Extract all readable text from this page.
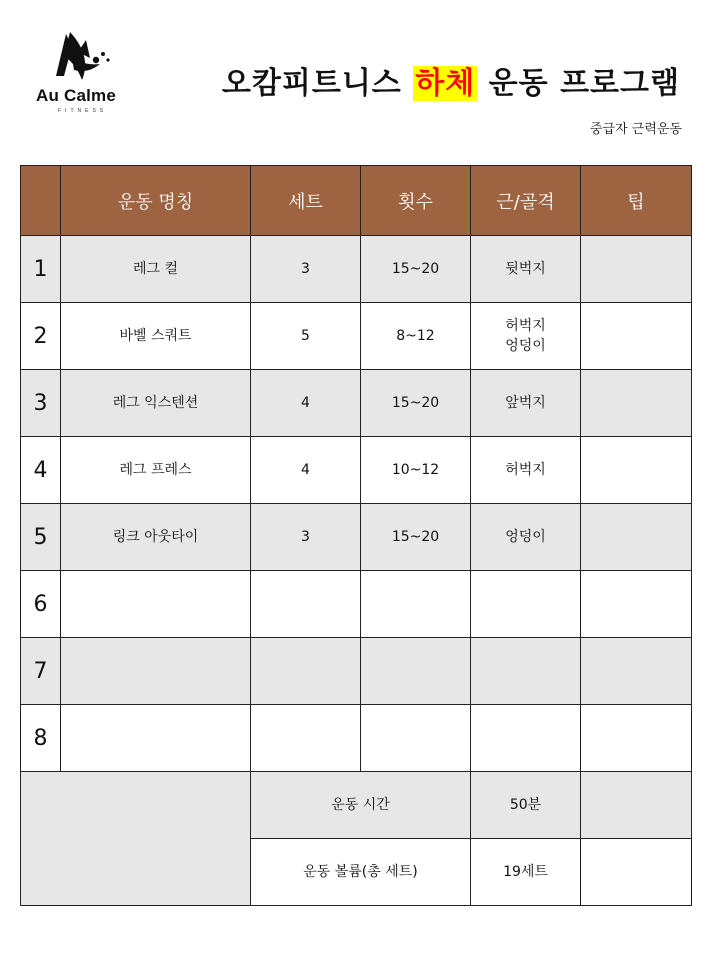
Au Calme
FITNESS
오캄피트니스 하체 운동 프로그램
중급자 근력운동
	운동 명칭	세트	횟수	근/골격	팁
1	레그 컬	3	15~20	뒷벅지	

2	바벨 스쿼트	5	8~12	허벅지
엉덩이	

3	레그 익스텐션	4	15~20	앞벅지	

4	레그 프레스	4	10~12	허벅지	

5	링크 아웃타이	3	15~20	엉덩이	

6				

7				

8				

		운동 시간		50분	
		운동 볼륨(총 세트)		19세트	
